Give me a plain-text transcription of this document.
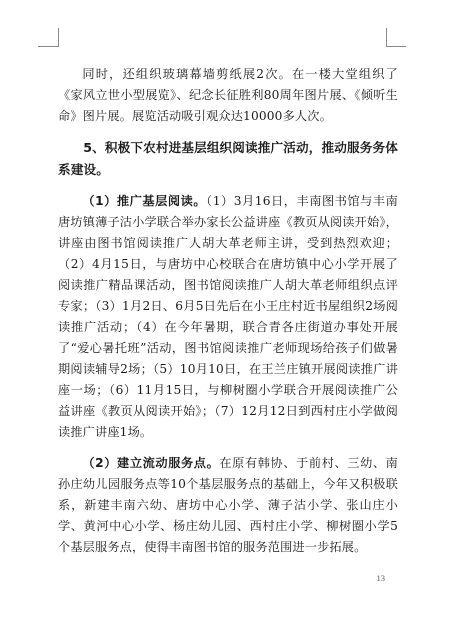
同时，还组织玻璃幕墙剪纸展2次。在一楼大堂组织了《家风立世小型展览》、纪念长征胜利80周年图片展、《倾听生命》图片展。展览活动吸引观众达10000多人次。

5、积极下农村进基层组织阅读推广活动，推动服务务体系建设。

（1）推广基层阅读。（1）3月16日，丰南图书馆与丰南唐坊镇薄子沽小学联合举办家长公益讲座《教页从阅读开始》，讲座由图书馆阅读推广人胡大革老师主讲，受到热烈欢迎；（2）4月15日，与唐坊中心校联合在唐坊镇中心小学开展了阅读推广精品课活动，图书馆阅读推广人胡大革老师组织点评专家；（3）1月2日、6月5日先后在小王庄村近书屋组织2场阅读推广活动；（4）在今年暑期，联合青各庄街道办事处开展了“爱心暑托班”活动，图书馆阅读推广老师现场给孩子们做暑期阅读辅导2场；（5）10月10日，在王兰庄镇开展阅读推广讲座一场；（6）11月15日，与柳树圈小学联合开展阅读推广公益讲座《教页从阅读开始》；（7）12月12日到西村庄小学做阅读推广讲座1场。

（2）建立流动服务点。在原有韩协、于前村、三幼、南孙庄幼儿园服务点等10个基层服务点的基础上，今年又积极联系，新建丰南六幼、唐坊中心小学、薄子沽小学、张山庄小学、黄河中心小学、杨庄幼儿园、西村庄小学、柳树圈小学5个基层服务点，使得丰南图书馆的服务范围进一步拓展。

13
